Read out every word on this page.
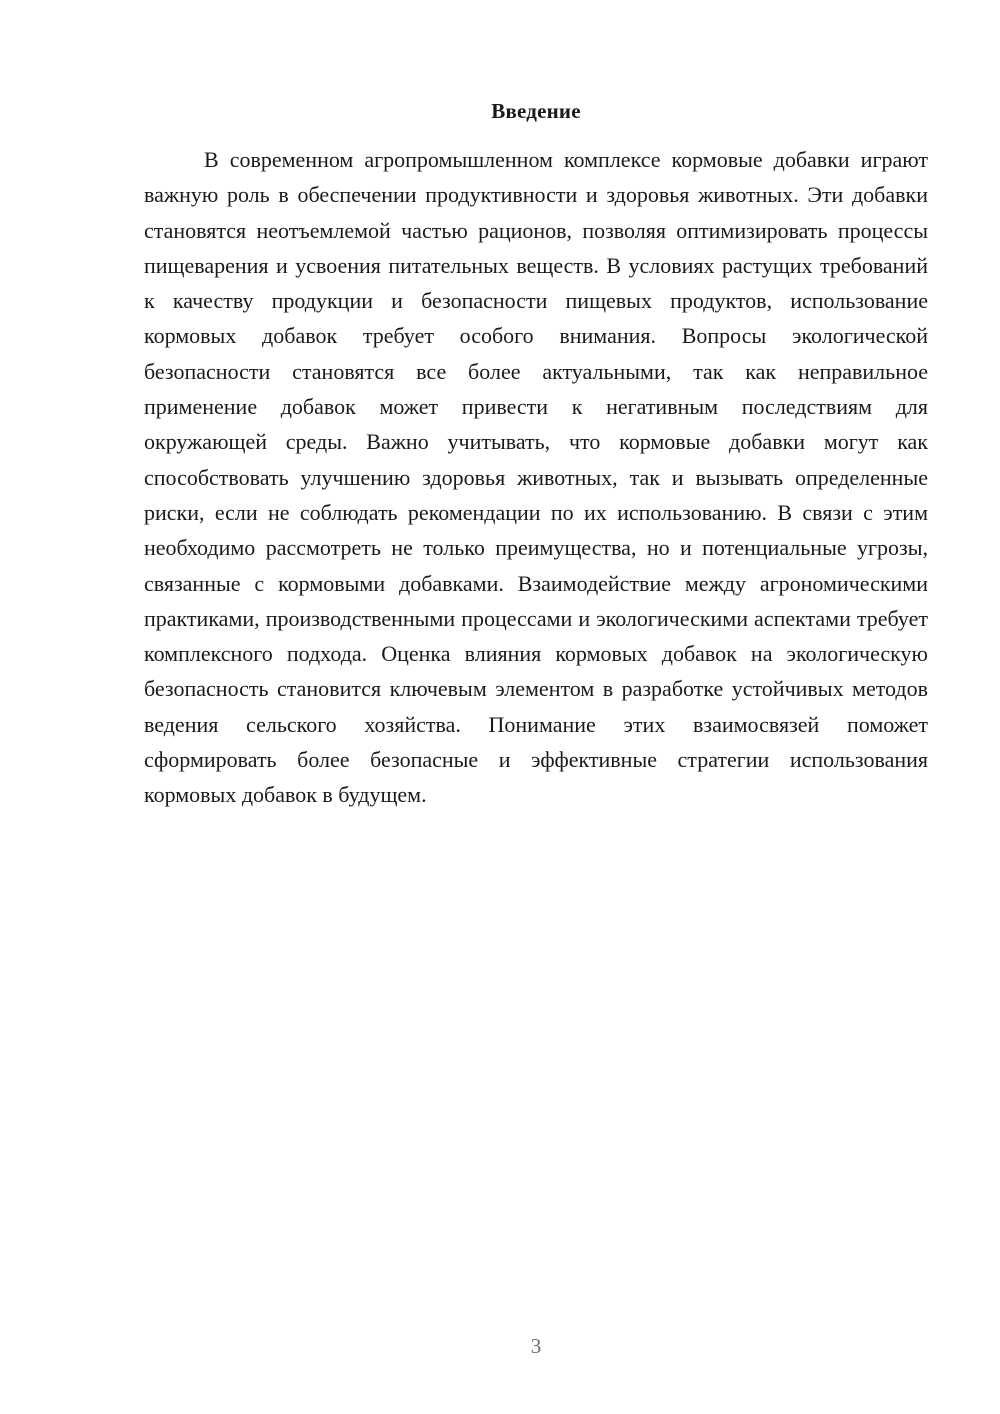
Введение

В современном агропромышленном комплексе кормовые добавки играют важную роль в обеспечении продуктивности и здоровья животных. Эти добавки становятся неотъемлемой частью рационов, позволяя оптимизировать процессы пищеварения и усвоения питательных веществ. В условиях растущих требований к качеству продукции и безопасности пищевых продуктов, использование кормовых добавок требует особого внимания. Вопросы экологической безопасности становятся все более актуальными, так как неправильное применение добавок может привести к негативным последствиям для окружающей среды. Важно учитывать, что кормовые добавки могут как способствовать улучшению здоровья животных, так и вызывать определенные риски, если не соблюдать рекомендации по их использованию. В связи с этим необходимо рассмотреть не только преимущества, но и потенциальные угрозы, связанные с кормовыми добавками. Взаимодействие между агрономическими практиками, производственными процессами и экологическими аспектами требует комплексного подхода. Оценка влияния кормовых добавок на экологическую безопасность становится ключевым элементом в разработке устойчивых методов ведения сельского хозяйства. Понимание этих взаимосвязей поможет сформировать более безопасные и эффективные стратегии использования кормовых добавок в будущем.

3
